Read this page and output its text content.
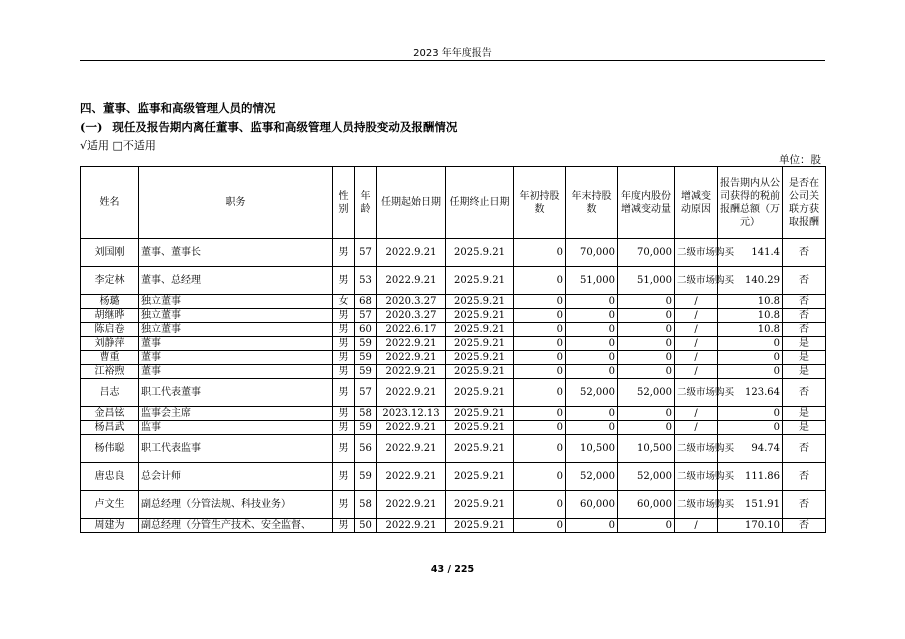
2023 年年度报告
四、董事、监事和高级管理人员的情况
(一) 现任及报告期内离任董事、监事和高级管理人员持股变动及报酬情况
√适用 □不适用
单位：股
姓名	职务	性别	年龄	任期起始日期	任期终止日期	年初持股数	年末持股数	年度内股份增减变动量	增减变动原因	报告期内从公司获得的税前报酬总额（万元）	是否在公司关联方获取报酬
刘国刚	董事、董事长	男	57	2022.9.21	2025.9.21	0	70,000	70,000	二级市场购买	141.4	否
李定林	董事、总经理	男	53	2022.9.21	2025.9.21	0	51,000	51,000	二级市场购买	140.29	否
杨璐	独立董事	女	68	2020.3.27	2025.9.21	0	0	0	/	10.8	否
胡继晔	独立董事	男	57	2020.3.27	2025.9.21	0	0	0	/	10.8	否
陈启卷	独立董事	男	60	2022.6.17	2025.9.21	0	0	0	/	10.8	否
刘静萍	董事	男	59	2022.9.21	2025.9.21	0	0	0	/	0	是
曹重	董事	男	59	2022.9.21	2025.9.21	0	0	0	/	0	是
江裕煦	董事	男	59	2022.9.21	2025.9.21	0	0	0	/	0	是
吕志	职工代表董事	男	57	2022.9.21	2025.9.21	0	52,000	52,000	二级市场购买	123.64	否
金昌铉	监事会主席	男	58	2023.12.13	2025.9.21	0	0	0	/	0	是
杨昌武	监事	男	59	2022.9.21	2025.9.21	0	0	0	/	0	是
杨伟聪	职工代表监事	男	56	2022.9.21	2025.9.21	0	10,500	10,500	二级市场购买	94.74	否
唐忠良	总会计师	男	59	2022.9.21	2025.9.21	0	52,000	52,000	二级市场购买	111.86	否
卢文生	副总经理（分管法规、科技业务）	男	58	2022.9.21	2025.9.21	0	60,000	60,000	二级市场购买	151.91	否
周建为	副总经理（分管生产技术、安全监督、	男	50	2022.9.21	2025.9.21	0	0	0	/	170.10	否
43 / 225
